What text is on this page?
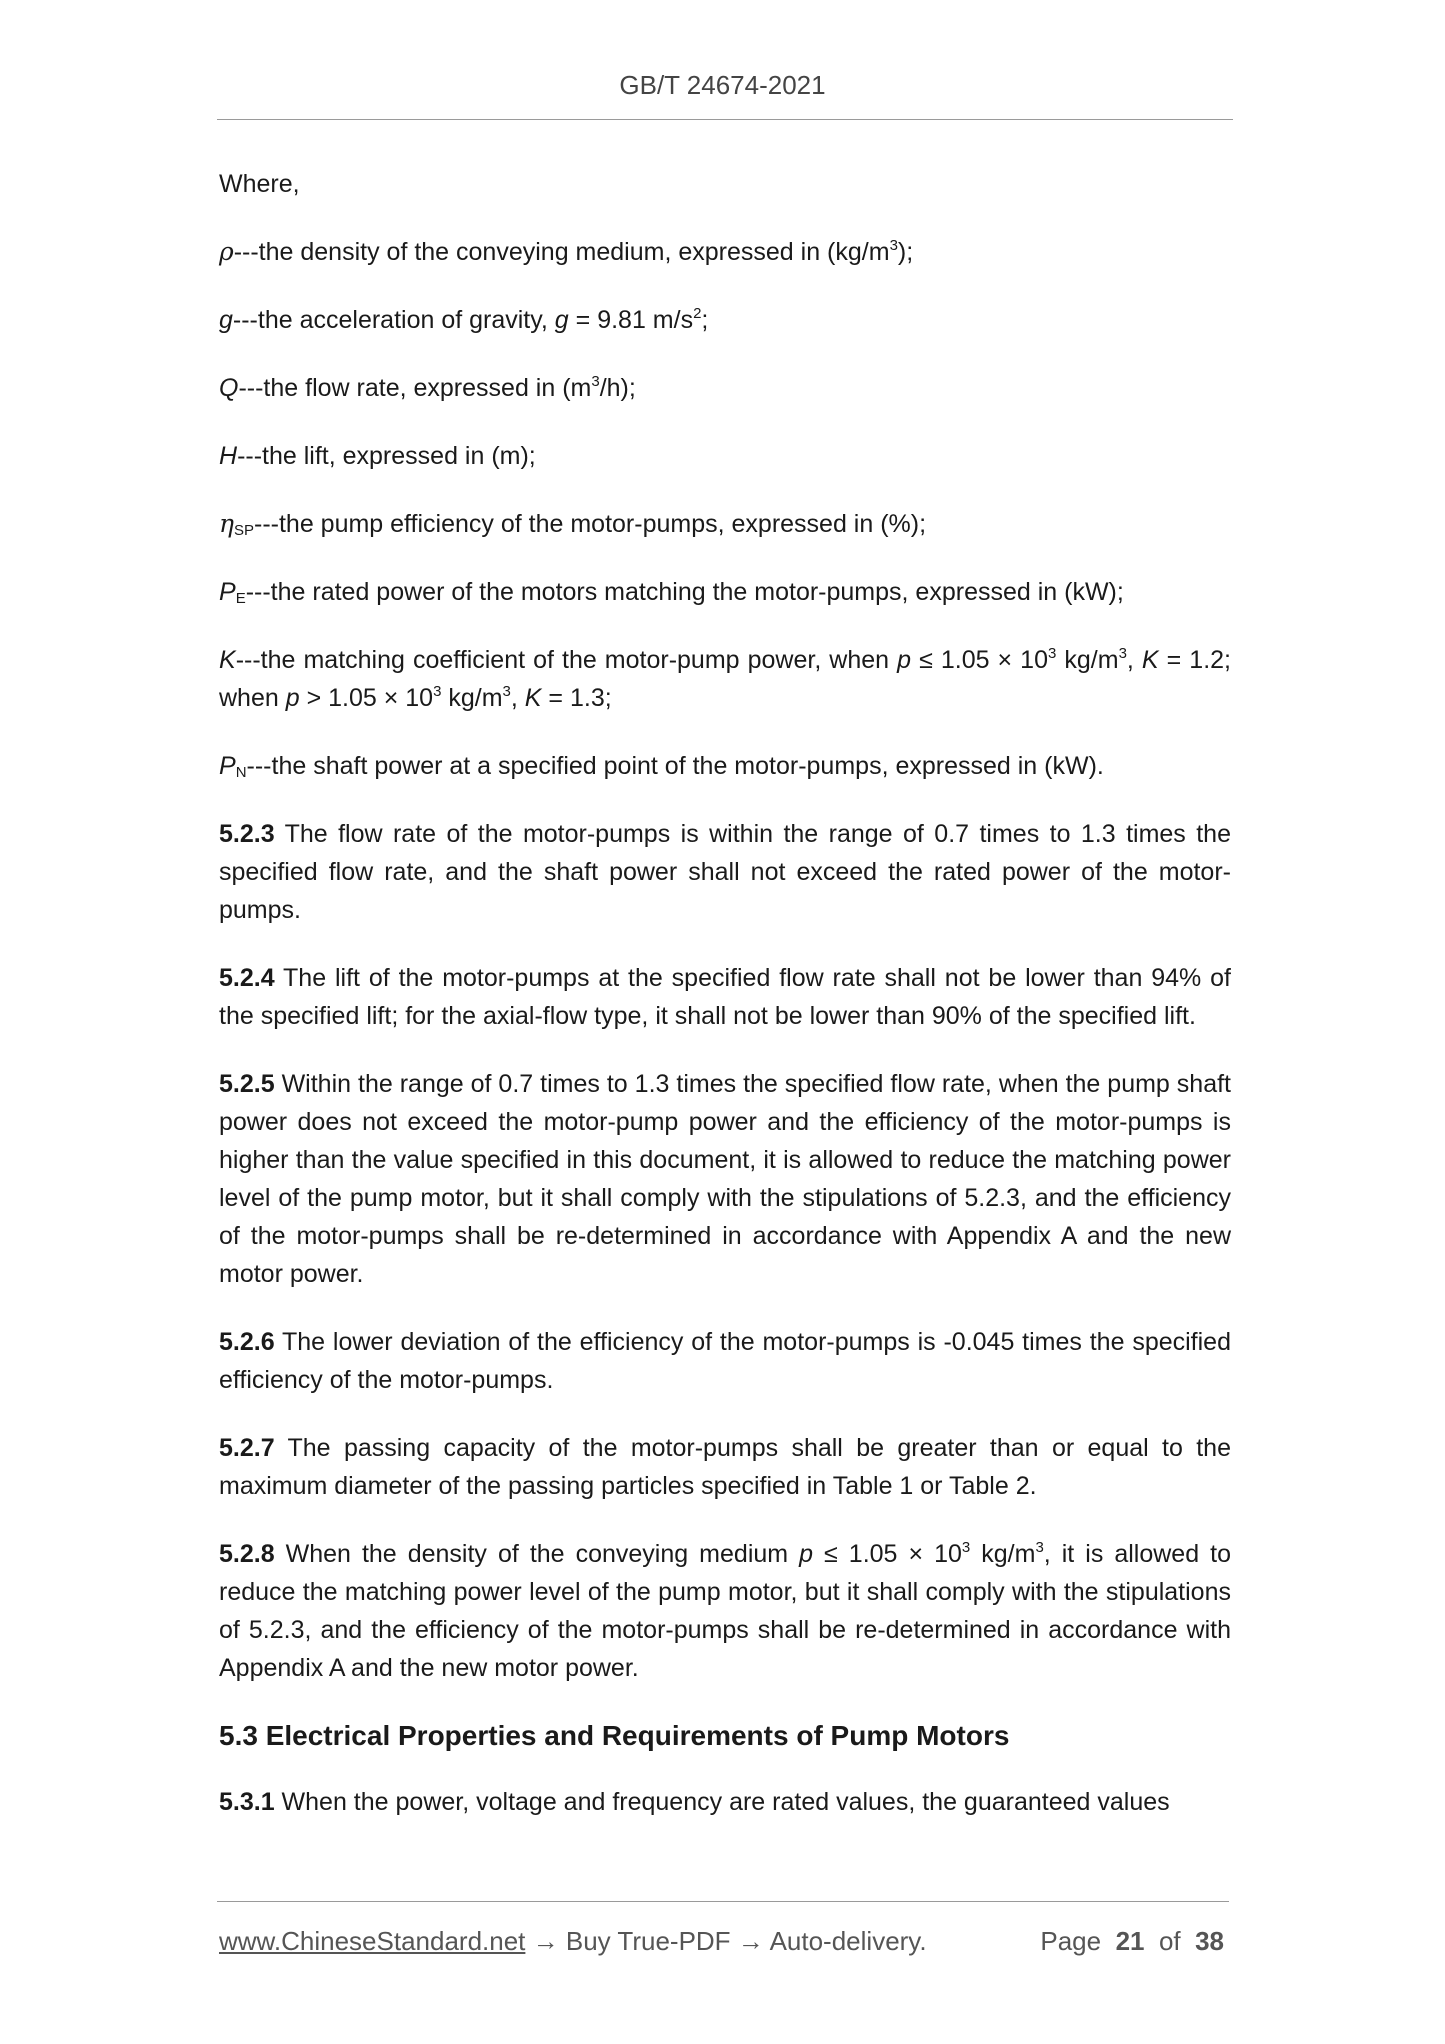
GB/T 24674-2021

Where,

ρ---the density of the conveying medium, expressed in $(kg/m^3)$;

g---the acceleration of gravity, g = 9.81 $m/s^2$;

Q---the flow rate, expressed in $(m^3/h)$;

H---the lift, expressed in (m);

$\eta_{SP}--$-the pump efficiency of the motor-pumps, expressed in (%);

$P_E--$-the rated power of the motors matching the motor-pumps, expressed in (kW);

K---the matching coefficient of the motor-pump power, when $p \le 1.05 \times 10^3$ $kg/m^3$, K = 1.2; when $p > 1.05 \times 10^3$ $kg/m^3$, K = 1.3;

$P_N--$-the shaft power at a specified point of the motor-pumps, expressed in (kW).

5.2.3 The flow rate of the motor-pumps is within the range of 0.7 times to 1.3 times the specified flow rate, and the shaft power shall not exceed the rated power of the motor-pumps.

5.2.4 The lift of the motor-pumps at the specified flow rate shall not be lower than 94% of the specified lift; for the axial-flow type, it shall not be lower than 90% of the specified lift.

5.2.5 Within the range of 0.7 times to 1.3 times the specified flow rate, when the pump shaft power does not exceed the motor-pump power and the efficiency of the motor-pumps is higher than the value specified in this document, it is allowed to reduce the matching power level of the pump motor, but it shall comply with the stipulations of 5.2.3, and the efficiency of the motor-pumps shall be re-determined in accordance with Appendix A and the new motor power.

5.2.6 The lower deviation of the efficiency of the motor-pumps is -0.045 times the specified efficiency of the motor-pumps.

5.2.7 The passing capacity of the motor-pumps shall be greater than or equal to the maximum diameter of the passing particles specified in Table 1 or Table 2.

5.2.8 When the density of the conveying medium $p \le 1.05 \times 10^3$ $kg/m^3$, it is allowed to reduce the matching power level of the pump motor, but it shall comply with the stipulations of 5.2.3, and the efficiency of the motor-pumps shall be re-determined in accordance with Appendix A and the new motor power.

5.3 Electrical Properties and Requirements of Pump Motors

5.3.1 When the power, voltage and frequency are rated values, the guaranteed values

www.ChineseStandard.net → Buy True-PDF → Auto-delivery.	Page 21 of 38
